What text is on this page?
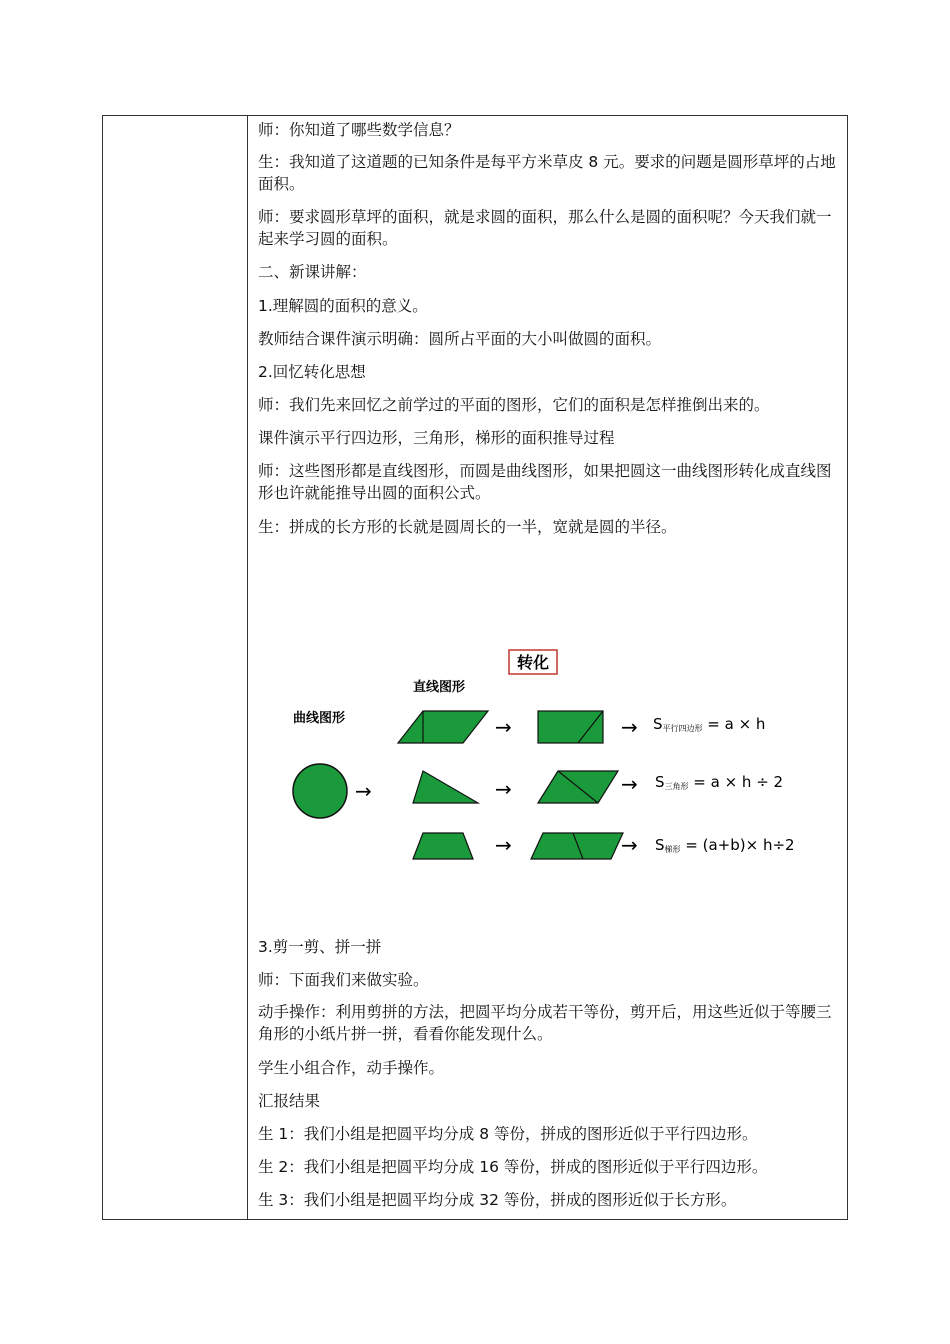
师：你知道了哪些数学信息？

生：我知道了这道题的已知条件是每平方米草皮 8 元。要求的问题是圆形草坪的占地面积。

师：要求圆形草坪的面积，就是求圆的面积，那么什么是圆的面积呢？今天我们就一起来学习圆的面积。

二、新课讲解：

1.理解圆的面积的意义。

教师结合课件演示明确：圆所占平面的大小叫做圆的面积。

2.回忆转化思想

师：我们先来回忆之前学过的平面的图形，它们的面积是怎样推倒出来的。

课件演示平行四边形，三角形，梯形的面积推导过程

师：这些图形都是直线图形，而圆是曲线图形，如果把圆这一曲线图形转化成直线图形也许就能推导出圆的面积公式。

生：拼成的长方形的长就是圆周长的一半，宽就是圆的半径。

3.剪一剪、拼一拼

师：下面我们来做实验。

动手操作：利用剪拼的方法，把圆平均分成若干等份，剪开后，用这些近似于等腰三角形的小纸片拼一拼，看看你能发现什么。

学生小组合作，动手操作。

汇报结果

生 1：我们小组是把圆平均分成 8 等份，拼成的图形近似于平行四边形。

生 2：我们小组是把圆平均分成 16 等份，拼成的图形近似于平行四边形。

生 3：我们小组是把圆平均分成 32 等份，拼成的图形近似于长方形。

转化
直线图形
曲线图形
→
→	→ S平行四边形 = a × h
→	→ S三角形 = a × h ÷ 2
→	→ S梯形 = (a+b)× h÷2
